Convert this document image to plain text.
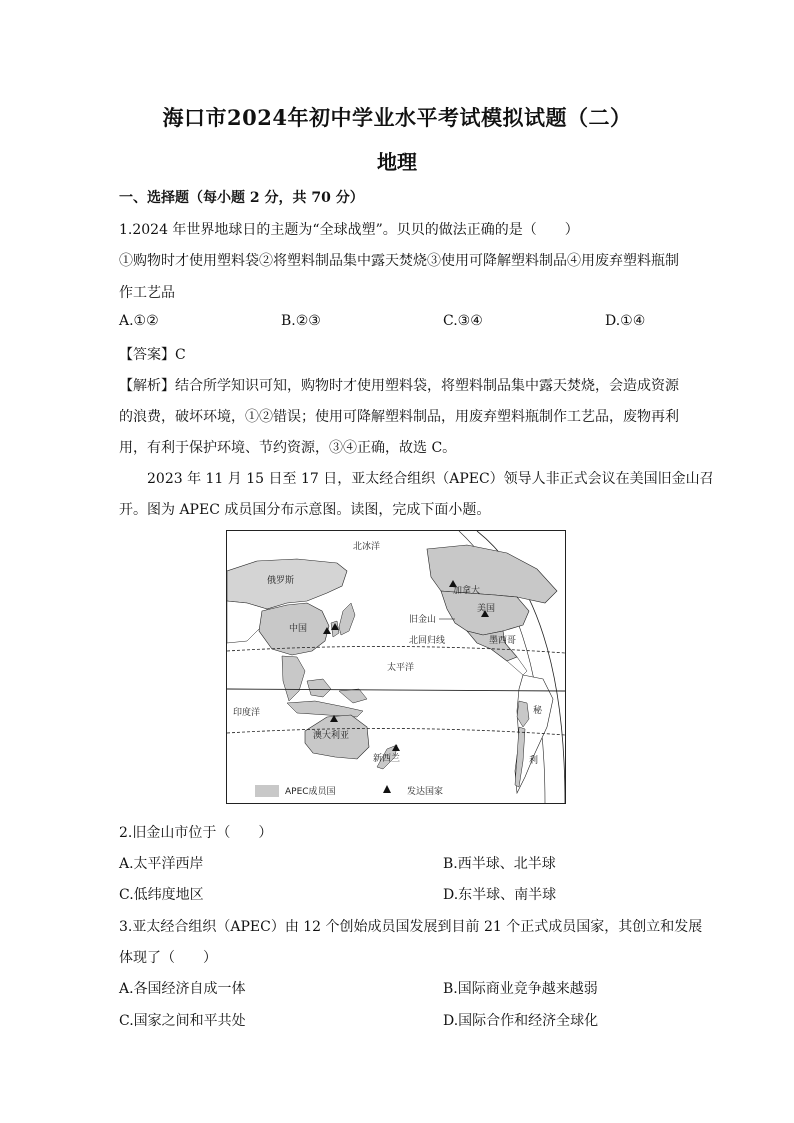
海口市2024年初中学业水平考试模拟试题（二）
地理
一、选择题（每小题 2 分，共 70 分）
1.2024 年世界地球日的主题为“全球战塑”。贝贝的做法正确的是（　　）
①购物时才使用塑料袋②将塑料制品集中露天焚烧③使用可降解塑料制品④用废弃塑料瓶制
作工艺品
A.①②	B.②③	C.③④	D.①④
【答案】C
【解析】结合所学知识可知，购物时才使用塑料袋，将塑料制品集中露天焚烧，会造成资源
的浪费，破坏环境，①②错误；使用可降解塑料制品，用废弃塑料瓶制作工艺品，废物再利
用，有利于保护环境、节约资源，③④正确，故选 C。
2023 年 11 月 15 日至 17 日，亚太经合组织（APEC）领导人非正式会议在美国旧金山召
开。图为 APEC 成员国分布示意图。读图，完成下面小题。
北冰洋
俄罗斯
加拿大
美国
旧金山
北回归线
中国
墨西哥
太平洋
印度洋
澳大利亚
新西兰
秘
利
APEC成员国	发达国家
2.旧金山市位于（　　）
A.太平洋西岸	B.西半球、北半球
C.低纬度地区	D.东半球、南半球
3.亚太经合组织（APEC）由 12 个创始成员国发展到目前 21 个正式成员国家，其创立和发展
体现了（　　）
A.各国经济自成一体	B.国际商业竞争越来越弱
C.国家之间和平共处	D.国际合作和经济全球化
